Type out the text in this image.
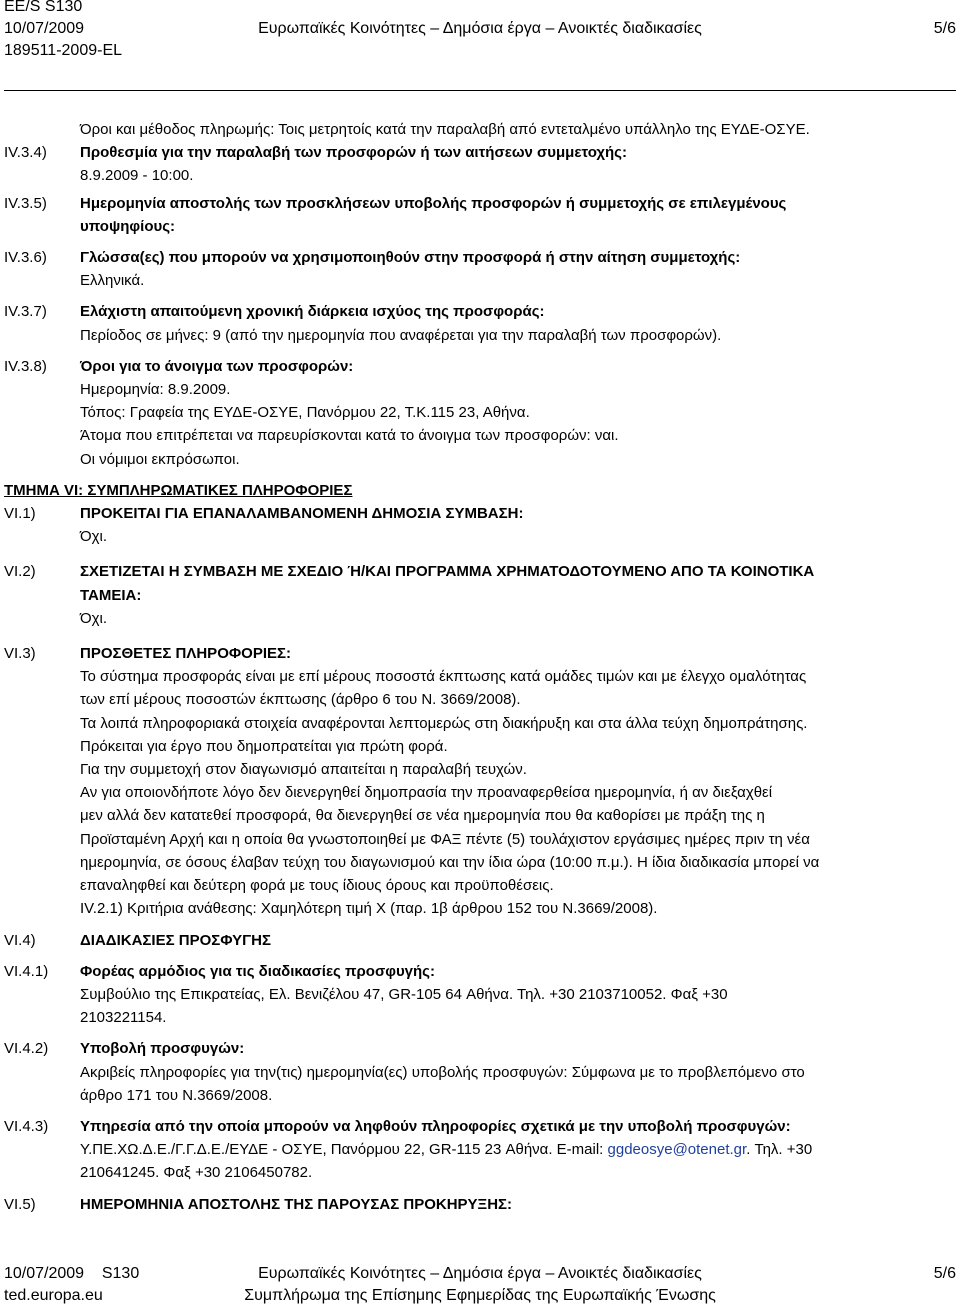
EE/S S130
10/07/2009	Ευρωπαϊκές Κοινότητες – Δημόσια έργα – Ανοικτές διαδικασίες	5/6
189511-2009-EL
Όροι και μέθοδος πληρωμής: Τοις μετρητοίς κατά την παραλαβή από εντεταλμένο υπάλληλο της ΕΥΔΕ-ΟΣΥΕ.
IV.3.4)	Προθεσμία για την παραλαβή των προσφορών ή των αιτήσεων συμμετοχής:
8.9.2009 - 10:00.
IV.3.5)	Ημερομηνία αποστολής των προσκλήσεων υποβολής προσφορών ή συμμετοχής σε επιλεγμένους
υποψηφίους:
IV.3.6)	Γλώσσα(ες) που μπορούν να χρησιμοποιηθούν στην προσφορά ή στην αίτηση συμμετοχής:
Ελληνικά.
IV.3.7)	Ελάχιστη απαιτούμενη χρονική διάρκεια ισχύος της προσφοράς:
Περίοδος σε μήνες: 9 (από την ημερομηνία που αναφέρεται για την παραλαβή των προσφορών).
IV.3.8)	Όροι για το άνοιγμα των προσφορών:
Ημερομηνία: 8.9.2009.
Τόπος: Γραφεία της ΕΥΔΕ-ΟΣΥΕ, Πανόρμου 22, Τ.Κ.115 23, Αθήνα.
Άτομα που επιτρέπεται να παρευρίσκονται κατά το άνοιγμα των προσφορών: ναι.
Οι νόμιμοι εκπρόσωποι.
ΤΜΗΜΑ VI: ΣΥΜΠΛΗΡΩΜΑΤΙΚΕΣ ΠΛΗΡΟΦΟΡΙΕΣ
VI.1)	ΠΡΟΚΕΙΤΑΙ ΓΙΑ ΕΠΑΝΑΛΑΜΒΑΝΟΜΕΝΗ ΔΗΜΟΣΙΑ ΣΥΜΒΑΣΗ:
Όχι.
VI.2)	ΣΧΕΤΙΖΕΤΑΙ Η ΣΥΜΒΑΣΗ ΜΕ ΣΧΕΔΙΟ Ή/ΚΑΙ ΠΡΟΓΡΑΜΜΑ ΧΡΗΜΑΤΟΔΟΤΟΥΜΕΝΟ ΑΠΟ ΤΑ ΚΟΙΝΟΤΙΚΑ
ΤΑΜΕΙΑ:
Όχι.
VI.3)	ΠΡΟΣΘΕΤΕΣ ΠΛΗΡΟΦΟΡΙΕΣ:
Το σύστημα προσφοράς είναι με επί μέρους ποσοστά έκπτωσης κατά ομάδες τιμών και με έλεγχο ομαλότητας
των επί μέρους ποσοστών έκπτωσης (άρθρο 6 του Ν. 3669/2008).
Τα λοιπά πληροφοριακά στοιχεία αναφέρονται λεπτομερώς στη διακήρυξη και στα άλλα τεύχη δημοπράτησης.
Πρόκειται για έργο που δημοπρατείται για πρώτη φορά.
Για την συμμετοχή στον διαγωνισμό απαιτείται η παραλαβή τευχών.
Αν για οποιονδήποτε λόγο δεν διενεργηθεί δημοπρασία την προαναφερθείσα ημερομηνία, ή αν διεξαχθεί
μεν αλλά δεν κατατεθεί προσφορά, θα διενεργηθεί σε νέα ημερομηνία που θα καθορίσει με πράξη της η
Προϊσταμένη Αρχή και η οποία θα γνωστοποιηθεί με ΦΑΞ πέντε (5) τουλάχιστον εργάσιμες ημέρες πριν τη νέα
ημερομηνία, σε όσους έλαβαν τεύχη του διαγωνισμού και την ίδια ώρα (10:00 π.μ.). Η ίδια διαδικασία μπορεί να
επαναληφθεί και δεύτερη φορά με τους ίδιους όρους και προϋποθέσεις.
IV.2.1) Κριτήρια ανάθεσης: Χαμηλότερη τιμή Χ (παρ. 1β άρθρου 152 του Ν.3669/2008).
VI.4)	ΔΙΑΔΙΚΑΣΙΕΣ ΠΡΟΣΦΥΓΗΣ
VI.4.1)	Φορέας αρμόδιος για τις διαδικασίες προσφυγής:
Συμβούλιο της Επικρατείας, Ελ. Βενιζέλου 47, GR-105 64 Αθήνα. Τηλ. +30 2103710052. Φαξ +30
2103221154.
VI.4.2)	Υποβολή προσφυγών:
Ακριβείς πληροφορίες για την(τις) ημερομηνία(ες) υποβολής προσφυγών: Σύμφωνα με το προβλεπόμενο στο
άρθρο 171 του Ν.3669/2008.
VI.4.3)	Υπηρεσία από την οποία μπορούν να ληφθούν πληροφορίες σχετικά με την υποβολή προσφυγών:
Υ.ΠΕ.ΧΩ.Δ.Ε./Γ.Γ.Δ.Ε./ΕΥΔΕ - ΟΣΥΕ, Πανόρμου 22, GR-115 23 Αθήνα. E-mail: ggdeosye@otenet.gr. Τηλ. +30
210641245. Φαξ +30 2106450782.
VI.5)	ΗΜΕΡΟΜΗΝΙΑ ΑΠΟΣΤΟΛΗΣ ΤΗΣ ΠΑΡΟΥΣΑΣ ΠΡΟΚΗΡΥΞΗΣ:
10/07/2009    S130	Ευρωπαϊκές Κοινότητες – Δημόσια έργα – Ανοικτές διαδικασίες	5/6
ted.europa.eu	Συμπλήρωμα της Επίσημης Εφημερίδας της Ευρωπαϊκής Ένωσης
